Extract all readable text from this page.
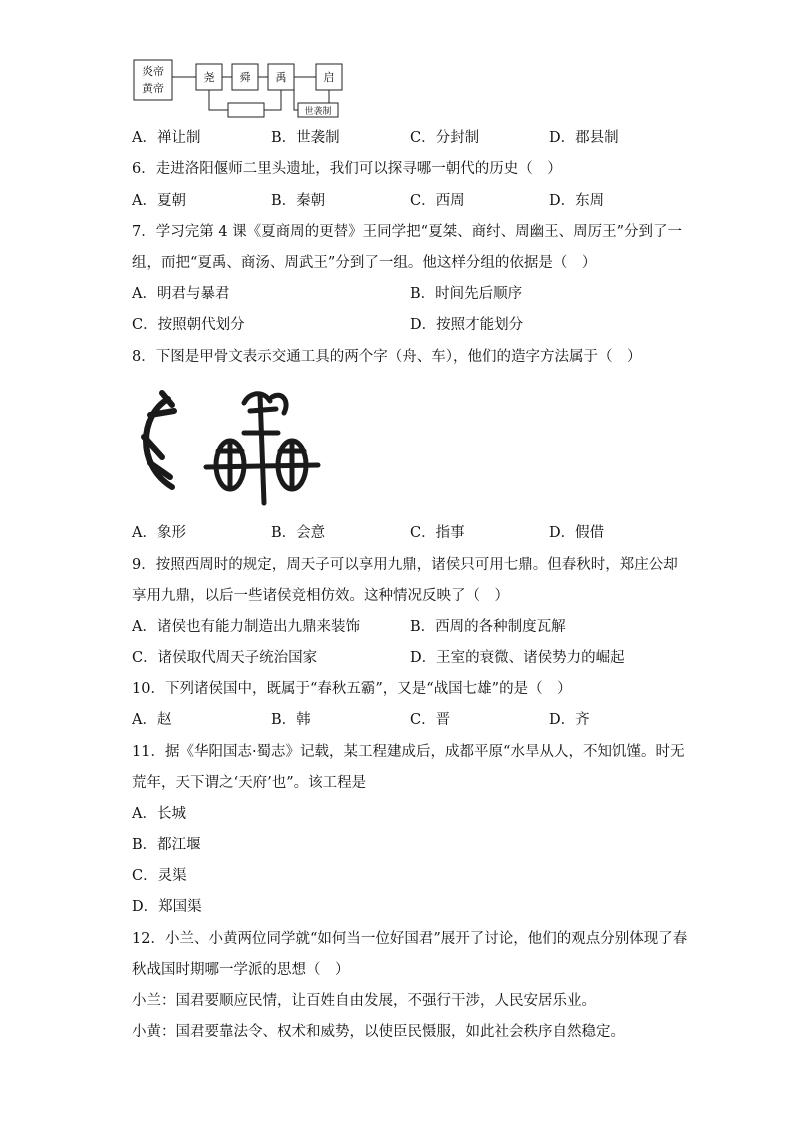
炎帝
黄帝
尧 舜 禹	启
世袭制
A．禅让制	B．世袭制	C．分封制	D．郡县制
6．走进洛阳偃师二里头遗址，我们可以探寻哪一朝代的历史（　）
A．夏朝	B．秦朝	C．西周	D．东周
7．学习完第 4 课《夏商周的更替》王同学把“夏桀、商纣、周幽王、周厉王”分到了一
组，而把“夏禹、商汤、周武王”分到了一组。他这样分组的依据是（　）
A．明君与暴君	B．时间先后顺序
C．按照朝代划分	D．按照才能划分
8．下图是甲骨文表示交通工具的两个字（舟、车），他们的造字方法属于（　）
A．象形	B．会意	C．指事	D．假借
9．按照西周时的规定，周天子可以享用九鼎，诸侯只可用七鼎。但春秋时，郑庄公却
享用九鼎，以后一些诸侯竞相仿效。这种情况反映了（　）
A．诸侯也有能力制造出九鼎来装饰	B．西周的各种制度瓦解
C．诸侯取代周天子统治国家	D．王室的衰微、诸侯势力的崛起
10．下列诸侯国中，既属于“春秋五霸”，又是“战国七雄”的是（　）
A．赵	B．韩	C．晋	D．齐
11．据《华阳国志·蜀志》记载，某工程建成后，成都平原“水旱从人，不知饥馑。时无
荒年，天下谓之‘天府’也”。该工程是
A．长城
B．都江堰
C．灵渠
D．郑国渠
12．小兰、小黄两位同学就“如何当一位好国君”展开了讨论，他们的观点分别体现了春
秋战国时期哪一学派的思想（　）
小兰：国君要顺应民情，让百姓自由发展，不强行干涉，人民安居乐业。
小黄：国君要靠法令、权术和威势，以使臣民慑服，如此社会秩序自然稳定。
